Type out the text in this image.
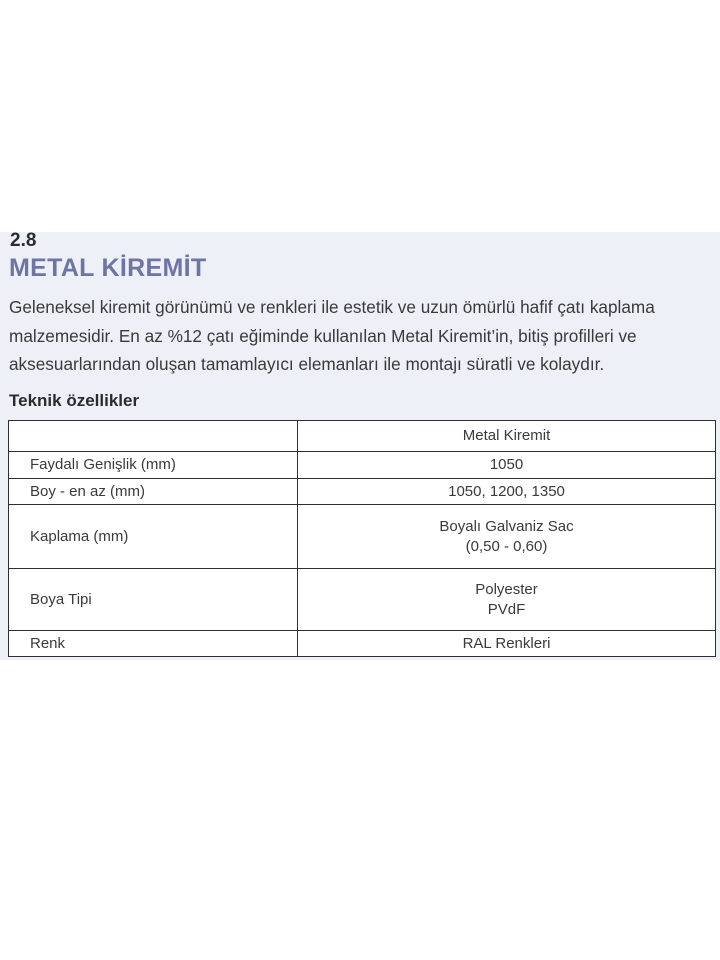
2.8
METAL KİREMİT
Geleneksel kiremit görünümü ve renkleri ile estetik ve uzun ömürlü hafif çatı kaplama malzemesidir. En az %12 çatı eğiminde kullanılan Metal Kiremit’in, bitiş profilleri ve aksesuarlarından oluşan tamamlayıcı elemanları ile montajı süratli ve kolaydır.
Teknik özellikler
	Metal Kiremit
Faydalı Genişlik (mm)	1050

Boy - en az (mm)	1050, 1200, 1350

Kaplama (mm)	Boyalı Galvaniz Sac
(0,50 - 0,60)

Boya Tipi	Polyester
PVdF

Renk	RAL Renkleri
